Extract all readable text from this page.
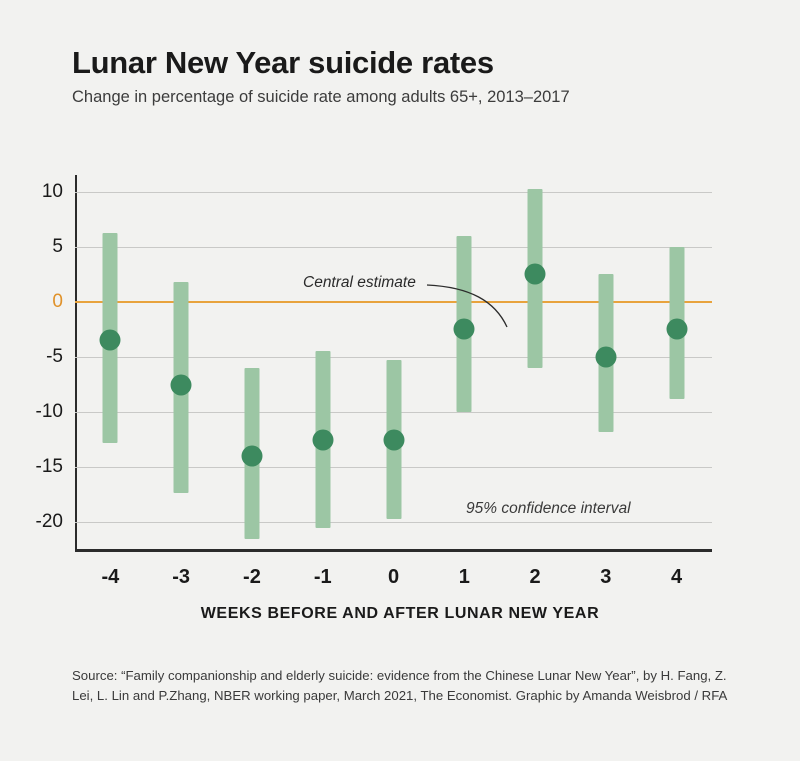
Lunar New Year suicide rates

Change in percentage of suicide rate among adults 65+, 2013–2017

10
5
0
-5
-10
-15
-20
-4	-3	-2	-1	0	1	2	3	4
Central estimate
95% confidence interval
WEEKS BEFORE AND AFTER LUNAR NEW YEAR
Source: “Family companionship and elderly suicide: evidence from the Chinese Lunar New Year”, by H. Fang, Z. Lei, L. Lin and P.Zhang, NBER working paper, March 2021, The Economist. Graphic by Amanda Weisbrod / RFA
